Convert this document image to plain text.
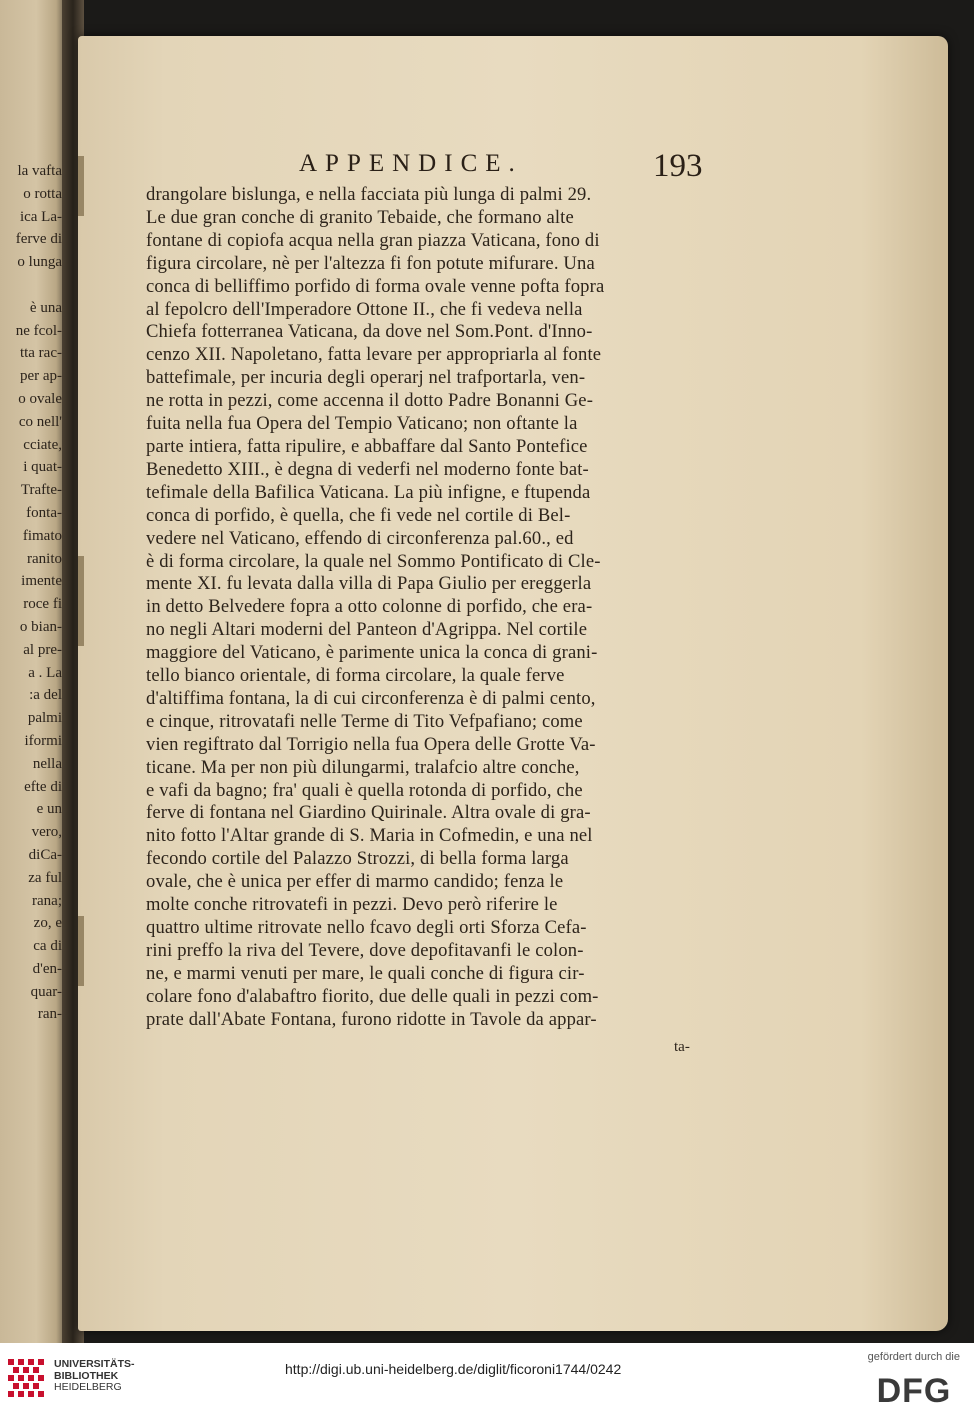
la vafta
o rotta
ica La-
ferve di
o lunga

è una
ne fcol-
tta rac-
per ap-
o ovale
co nell'
cciate,
i quat-
Trafte-
fonta-
fimato
ranito
imente
roce fi
o bian-
al pre-
a . La
:a del
palmi
iformi
nella
efte di
e un
vero,
diCa-
za ful
rana;
zo, e
ca di
d'en-
quar-
ran-
APPENDICE.	193
drangolare bislunga, e nella facciata più lunga di palmi 29.
Le due gran conche di granito Tebaide, che formano alte
fontane di copiofa acqua nella gran piazza Vaticana, fono di
figura circolare, nè per l'altezza fi fon potute mifurare. Una
conca di belliffimo porfido di forma ovale venne pofta fopra
al fepolcro dell'Imperadore Ottone II., che fi vedeva nella
Chiefa fotterranea Vaticana, da dove nel Som.Pont. d'Inno-
cenzo XII. Napoletano, fatta levare per appropriarla al fonte
battefimale, per incuria degli operarj nel trafportarla, ven-
ne rotta in pezzi, come accenna il dotto Padre Bonanni Ge-
fuita nella fua Opera del Tempio Vaticano; non oftante la
parte intiera, fatta ripulire, e abbaffare dal Santo Pontefice
Benedetto XIII., è degna di vederfi nel moderno fonte bat-
tefimale della Bafilica Vaticana. La più infigne, e ftupenda
conca di porfido, è quella, che fi vede nel cortile di Bel-
vedere nel Vaticano, effendo di circonferenza pal.60., ed
è di forma circolare, la quale nel Sommo Pontificato di Cle-
mente XI. fu levata dalla villa di Papa Giulio per ereggerla
in detto Belvedere fopra a otto colonne di porfido, che era-
no negli Altari moderni del Panteon d'Agrippa. Nel cortile
maggiore del Vaticano, è parimente unica la conca di grani-
tello bianco orientale, di forma circolare, la quale ferve
d'altiffima fontana, la di cui circonferenza è di palmi cento,
e cinque, ritrovatafi nelle Terme di Tito Vefpafiano; come
vien regiftrato dal Torrigio nella fua Opera delle Grotte Va-
ticane. Ma per non più dilungarmi, tralafcio altre conche,
e vafi da bagno; fra' quali è quella rotonda di porfido, che
ferve di fontana nel Giardino Quirinale. Altra ovale di gra-
nito fotto l'Altar grande di S. Maria in Cofmedin, e una nel
fecondo cortile del Palazzo Strozzi, di bella forma larga
ovale, che è unica per effer di marmo candido; fenza le
molte conche ritrovatefi in pezzi. Devo però riferire le
quattro ultime ritrovate nello fcavo degli orti Sforza Cefa-
rini preffo la riva del Tevere, dove depofitavanfi le colon-
ne, e marmi venuti per mare, le quali conche di figura cir-
colare fono d'alabaftro fiorito, due delle quali in pezzi com-
prate dall'Abate Fontana, furono ridotte in Tavole da appar-
ta-
UNIVERSITÄTS-
BIBLIOTHEK
HEIDELBERG
http://digi.ub.uni-heidelberg.de/diglit/ficoroni1744/0242
gefördert durch die
DFG
